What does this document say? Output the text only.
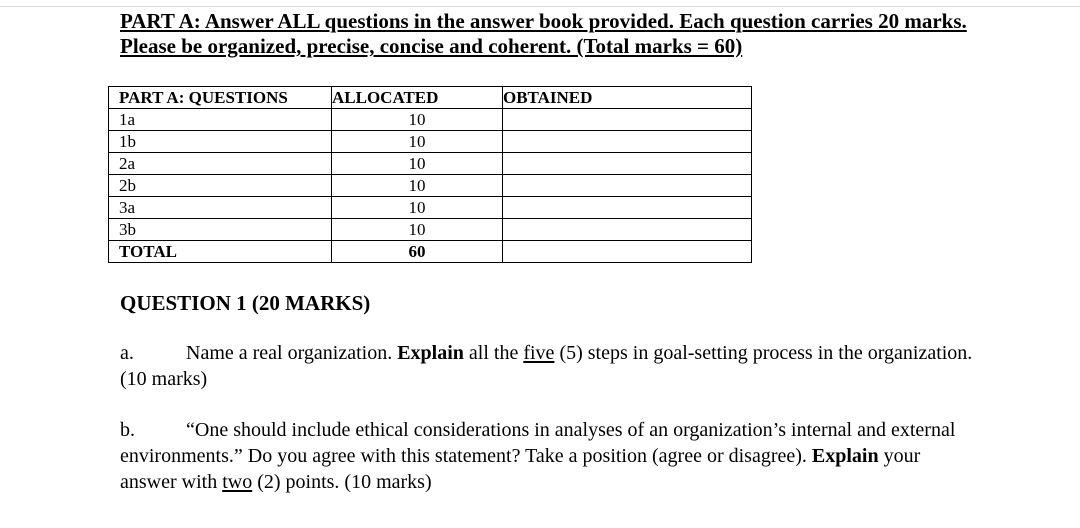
PART A: Answer ALL questions in the answer book provided. Each question carries 20 marks. Please be organized, precise, concise and coherent. (Total marks = 60)
PART A: QUESTIONS	ALLOCATED	OBTAINED
1a	10	
1b	10	
2a	10	
2b	10	
3a	10	
3b	10	
TOTAL	60	
QUESTION 1 (20 MARKS)
a.	Name a real organization. Explain all the five (5) steps in goal-setting process in the organization. (10 marks)
b.	“One should include ethical considerations in analyses of an organization’s internal and external environments.” Do you agree with this statement? Take a position (agree or disagree). Explain your answer with two (2) points. (10 marks)
